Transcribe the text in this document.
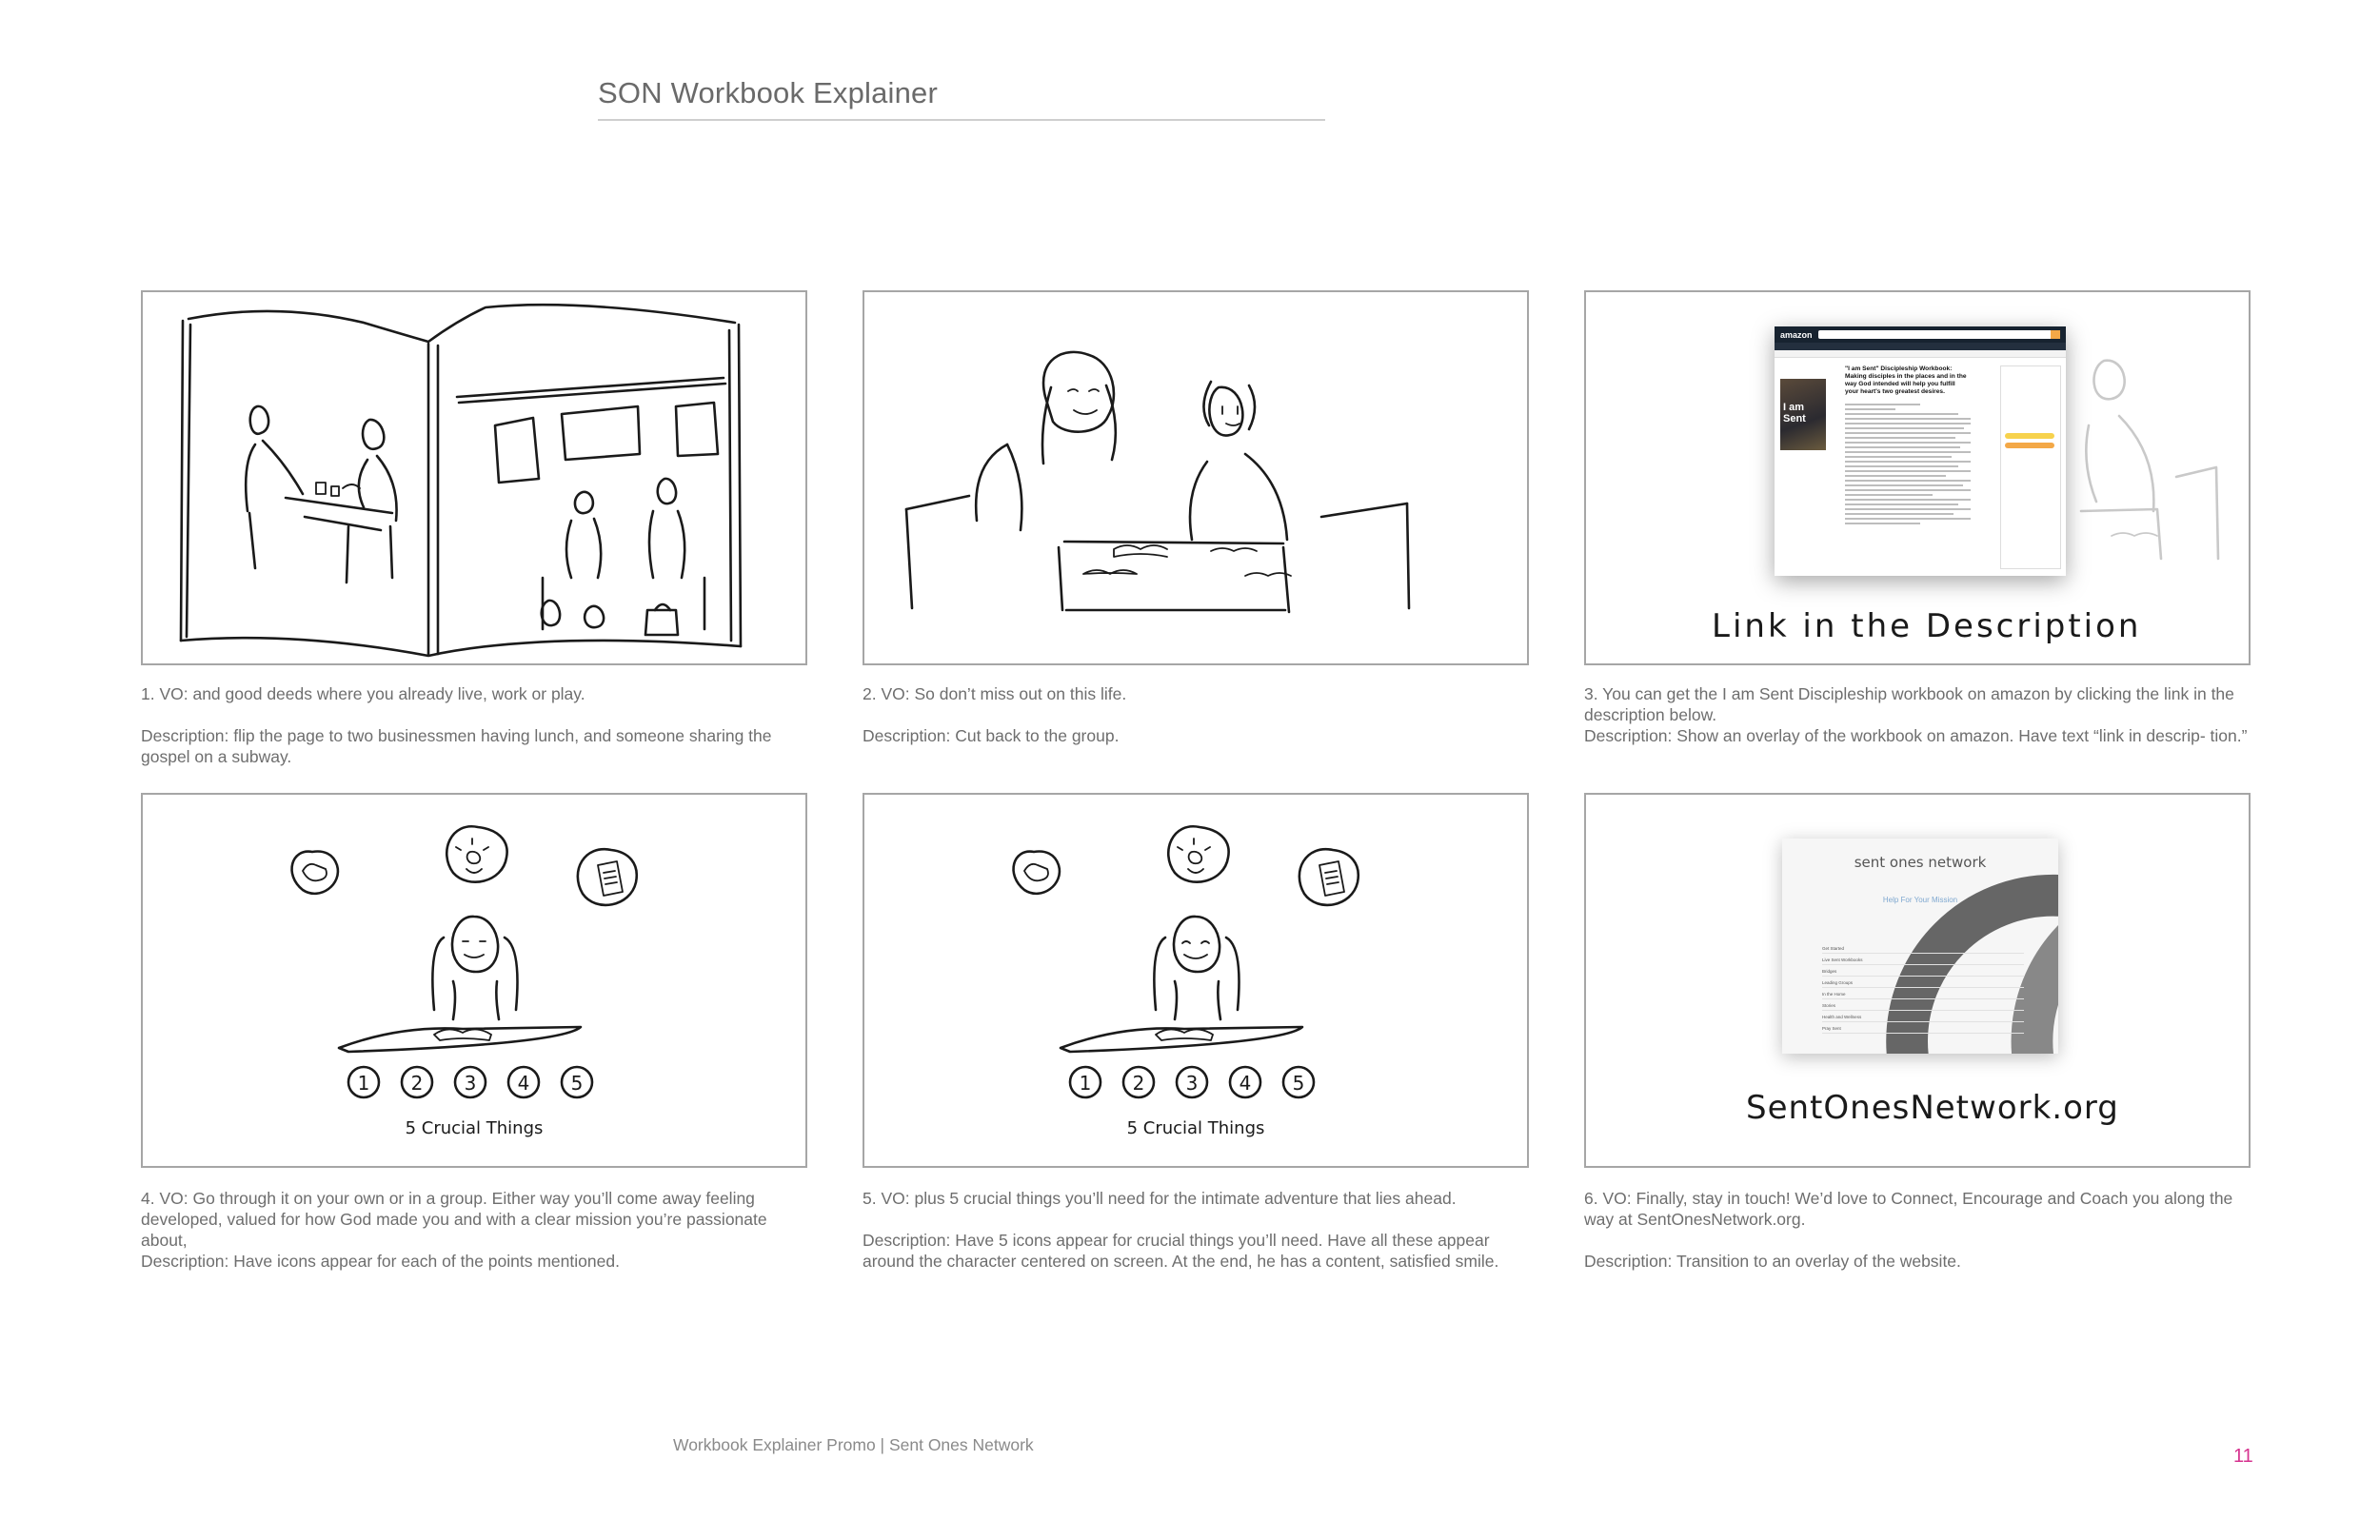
SON Workbook Explainer

1. VO: and good deeds where you already live, work or play.

Description: flip the page to two businessmen having lunch, and someone sharing the gospel on a subway.

2. VO: So don’t miss out on this life.

Description: Cut back to the group.

Link in the Description
amazon
I am Sent
"I am Sent" Discipleship Workbook: Making disciples in the places and in the way God intended will help you fulfill your heart's two greatest desires.

3. You can get the I am Sent Discipleship workbook on amazon by clicking the link in the description below.

Description: Show an overlay of the workbook on amazon. Have text “link in descrip- tion.”

1 2 3 4 5
5 Crucial Things

4. VO: Go through it on your own or in a group. Either way you’ll come away feeling developed, valued for how God made you and with a clear mission you’re passionate about,

Description: Have icons appear for each of the points mentioned.

1 2 3 4 5
5 Crucial Things

5. VO: plus 5 crucial things you’ll need for the intimate adventure that lies ahead.

Description: Have 5 icons appear for crucial things you’ll need. Have all these appear around the character centered on screen. At the end, he has a content, satisfied smile.

SentOnesNetwork.org
sent ones network
Help For Your Mission
Get Started
Live Sent Workbooks
Bridges
Leading Groups
In the Home
Stories
Health and Wellness
Pray Sent

6. VO: Finally, stay in touch! We’d love to Connect, Encourage and Coach you along the way at SentOnesNetwork.org.

Description: Transition to an overlay of the website.

Workbook Explainer Promo | Sent Ones Network
11
